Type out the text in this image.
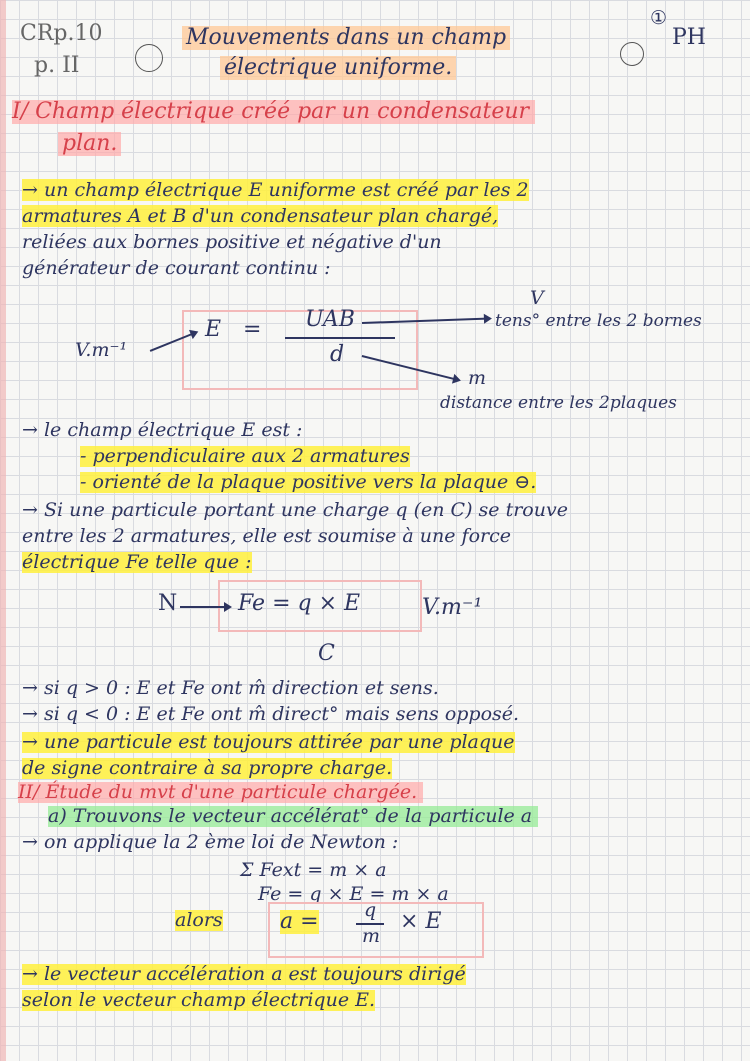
CRp.10
p. II
Mouvements dans un champ
électrique uniforme.
①
PH
I/ Champ électrique créé par un condensateur
plan.
→ un champ électrique E uniforme est créé par les 2
armatures A et B d'un condensateur plan chargé,
reliées aux bornes positive et négative d'un
générateur de courant continu :
E = UAB
d
V.m⁻¹
V
tens° entre les 2 bornes
m
distance entre les 2plaques
→ le champ électrique E est :
- perpendiculaire aux 2 armatures
- orienté de la plaque positive vers la plaque ⊖.
→ Si une particule portant une charge q (en C) se trouve
entre les 2 armatures, elle est soumise à une force
électrique Fe telle que :
N	Fe = q × E	V.m⁻¹
C
→ si q > 0 : E et Fe ont m̂ direction et sens.
→ si q < 0 : E et Fe ont m̂ direct° mais sens opposé.
→ une particule est toujours attirée par une plaque
de signe contraire à sa propre charge.
II/ Étude du mvt d'une particule chargée.
a) Trouvons le vecteur accélérat° de la particule a
→ on applique la 2 ème loi de Newton :
Σ Fext = m × a
Fe = q × E = m × a
alors	a = q
m
× E
→ le vecteur accélération a est toujours dirigé
selon le vecteur champ électrique E.
